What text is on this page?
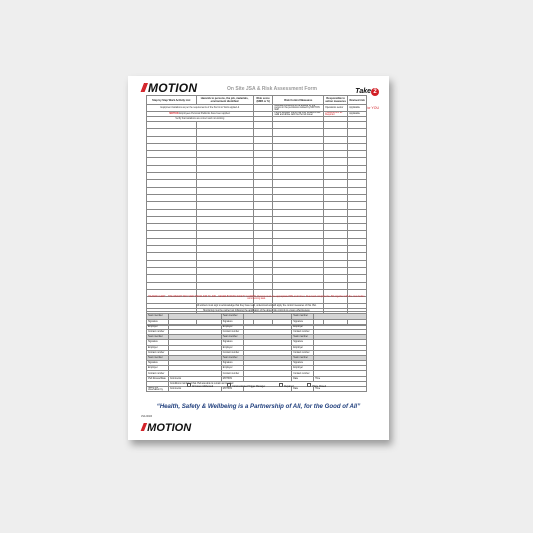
/// MOTION	On Site JSA & Risk Assessment Form	Take 2
for YOU
Step by Step Work Activity List	Hazards to persons, the job, materials, environment identified	Risk score (EMR or S)	Risk Control Measures	Responsible to action measures	Revised risk
Equipment Isolations as per the requirements of the Permit to Work applied &			Residual conditions to be applied by the person in the permission issued by MOTION staff	Operations senior	Applicable
MOTION Employees Personal Padlocks have been applied.			Permit Register found that their isolations are valid and active with the Permit issuer	Tradesperson as Required	Applicable
Verify that isolations are correct and not working					

HAZARD ALERT – THE WEIGHT MAY VARY FROM JOB TO JOB – NEVER BYPASS SAFETY GUARDS. Persons must use appropriate PPE at all times. Read and complete the JSA together with the crew before commencing task.
All workers must sign to acknowledge that they have read, understood and will apply the control measures of this JSA.					
Monitoring must be carried out following the application of the above risk controls to ensure effectiveness					
Team member		Team member		Team member	
Signature		Signature		Signature	
Employer		Employer		Employer	
Contact number		Contact number		Contact number	
Team member		Team member		Team member	
Signature		Signature		Signature	
Employer		Employer		Employer	
Contact number		Contact number		Contact number	
Team member		Team member		Team member	
Signature		Signature		Signature	
Employer		Employer		Employer	
Contact number		Contact number		Contact number	
JSA Review/Date	Comments	MOTION		Date	Time
	Conditions monitored that JSA was able to remain as intended				
Safety job observation by	Comments	MOTION		Date	Time
All issues Addressed	Communicated Trigger Manager	Repaired	Place Closed
“Health, Safety & Wellbeing is a Partnership of All, for the Good of All”
JSA 001R
/// MOTION
